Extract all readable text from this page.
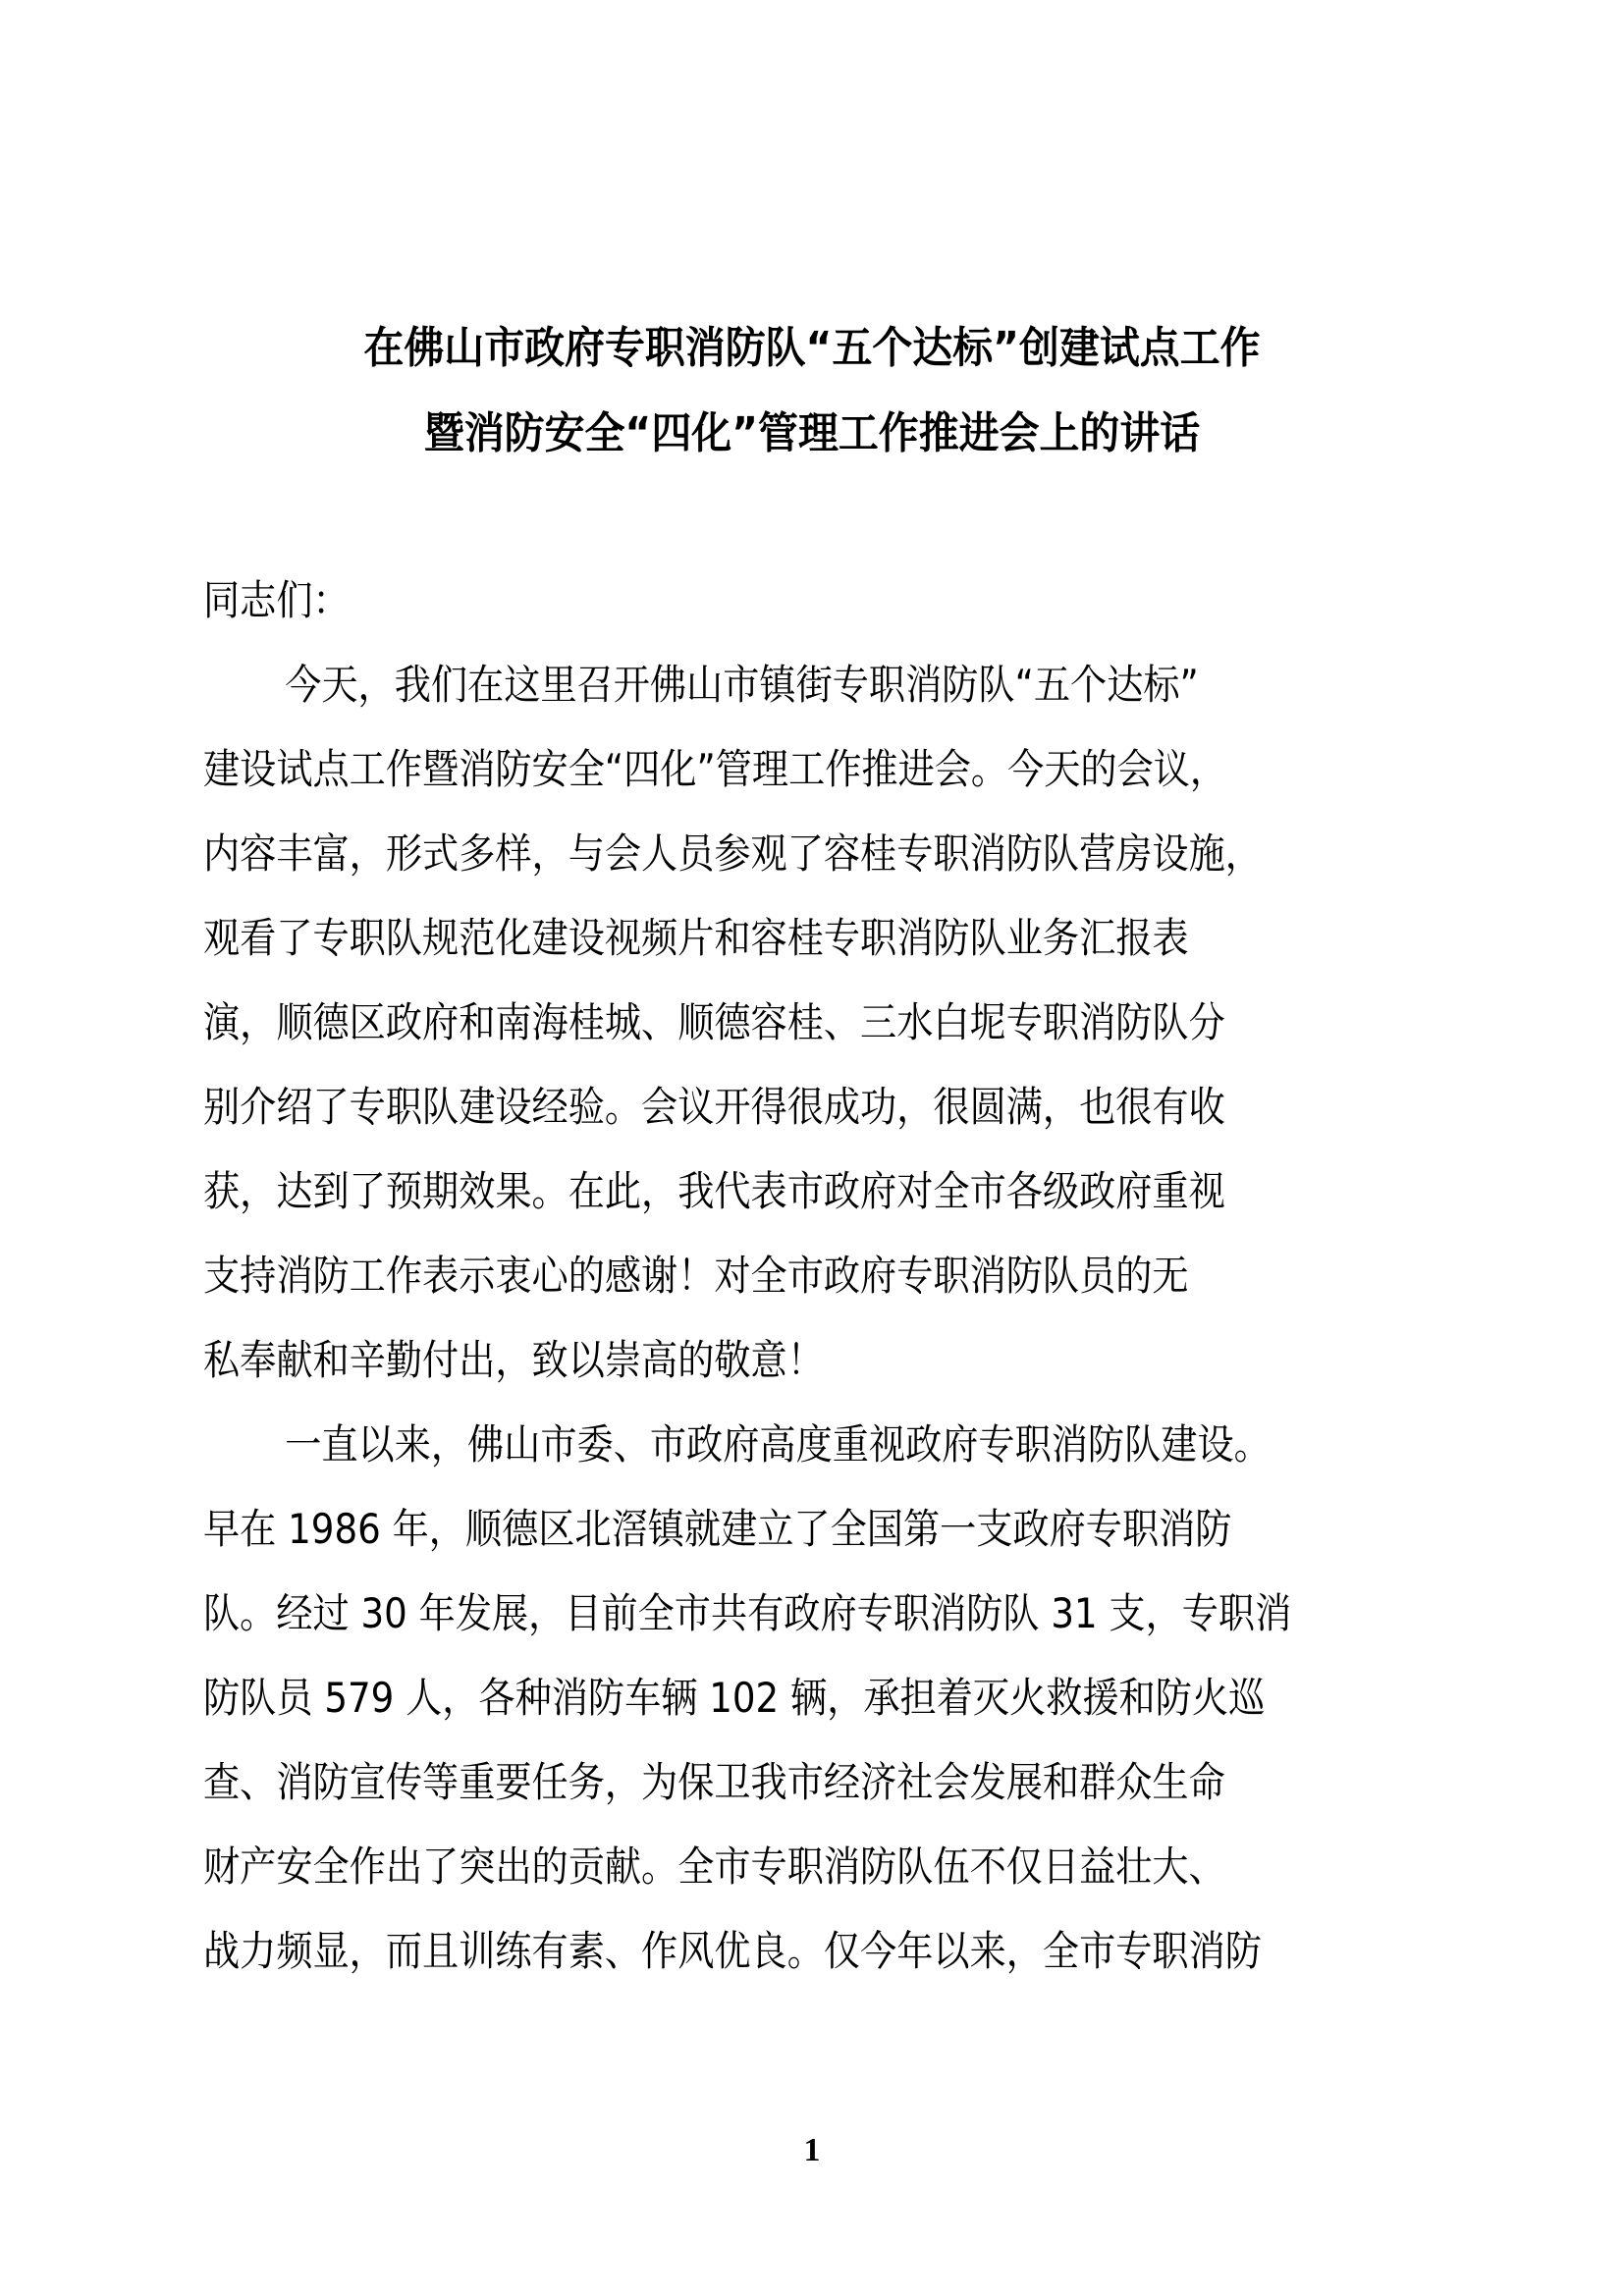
在佛山市政府专职消防队“五个达标”创建试点工作
暨消防安全“四化”管理工作推进会上的讲话
同志们：
今天，我们在这里召开佛山市镇街专职消防队“五个达标”
建设试点工作暨消防安全“四化”管理工作推进会。今天的会议，
内容丰富，形式多样，与会人员参观了容桂专职消防队营房设施，
观看了专职队规范化建设视频片和容桂专职消防队业务汇报表
演，顺德区政府和南海桂城、顺德容桂、三水白坭专职消防队分
别介绍了专职队建设经验。会议开得很成功，很圆满，也很有收
获，达到了预期效果。在此，我代表市政府对全市各级政府重视
支持消防工作表示衷心的感谢！对全市政府专职消防队员的无
私奉献和辛勤付出，致以崇高的敬意！
一直以来，佛山市委、市政府高度重视政府专职消防队建设。
早在 1986 年，顺德区北滘镇就建立了全国第一支政府专职消防
队。经过 30 年发展，目前全市共有政府专职消防队 31 支，专职消
防队员 579 人，各种消防车辆 102 辆，承担着灭火救援和防火巡
查、消防宣传等重要任务，为保卫我市经济社会发展和群众生命
财产安全作出了突出的贡献。全市专职消防队伍不仅日益壮大、
战力频显，而且训练有素、作风优良。仅今年以来，全市专职消防
1
